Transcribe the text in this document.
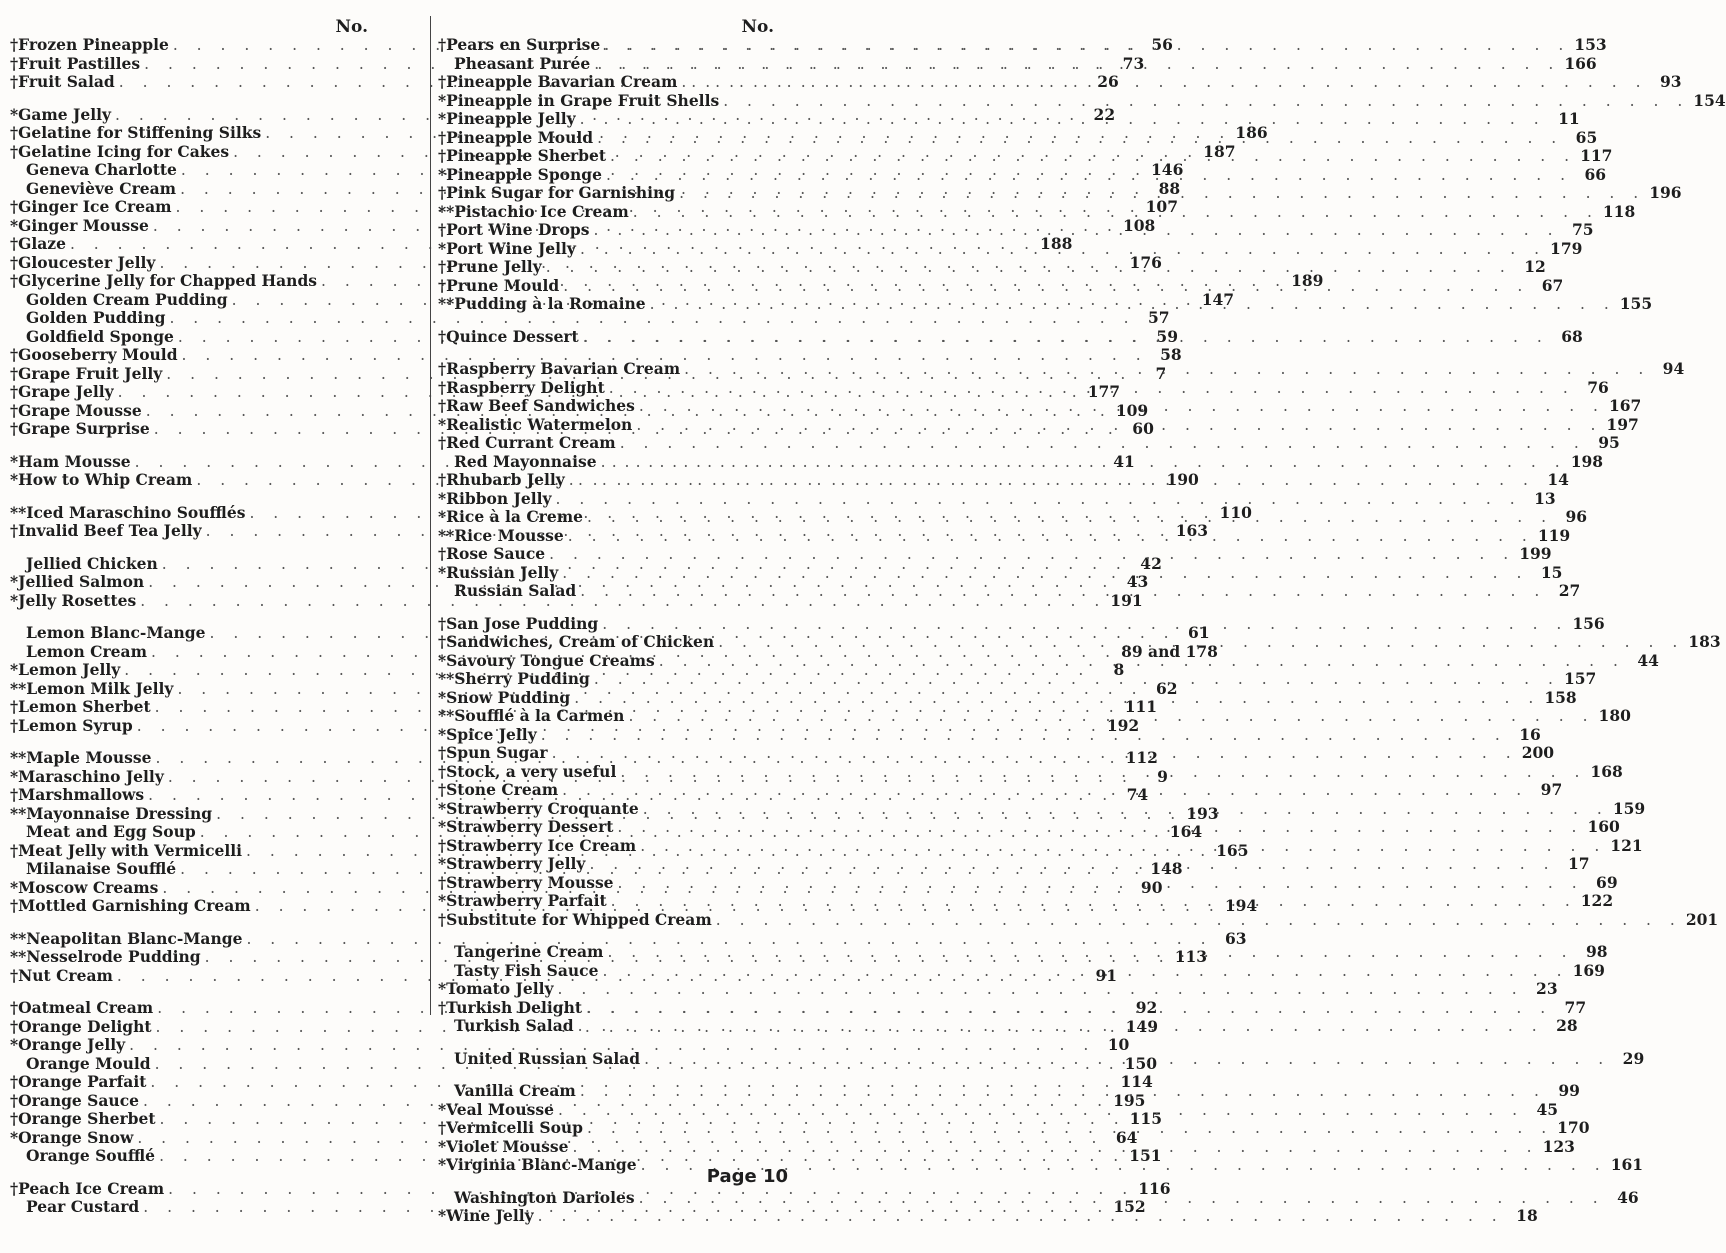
No.
†Frozen Pineapple . . .	56
†Fruit Pastilles . . .	73
†Fruit Salad . . .	26
*Game Jelly . . .	22
†Gelatine for Stiffening Silks . . .	186
†Gelatine Icing for Cakes . . .	187
Geneva Charlotte . . .	146
Geneviève Cream . . .	88
†Ginger Ice Cream . . .	107
*Ginger Mousse . . .	108
†Glaze . . .	188
†Gloucester Jelly . . .	176
†Glycerine Jelly for Chapped Hands . . .	189
Golden Cream Pudding . . .	147
Golden Pudding . . .	57
Goldfield Sponge . . .	59
†Gooseberry Mould . . .	58
†Grape Fruit Jelly . . .	7
†Grape Jelly . . .	177
†Grape Mousse . . .	109
†Grape Surprise . . .	60
*Ham Mousse . . .	41
*How to Whip Cream . . .	190
**Iced Maraschino Soufflés . . .	110
†Invalid Beef Tea Jelly . . .	163
Jellied Chicken . . .	42
*Jellied Salmon . . .	43
*Jelly Rosettes . . .	191
Lemon Blanc-Mange . . .	61
Lemon Cream . . .	89 and 178
*Lemon Jelly . . .	8
**Lemon Milk Jelly . . .	62
†Lemon Sherbet . . .	111
†Lemon Syrup . . .	192
**Maple Mousse . . .	112
*Maraschino Jelly . . .	9
†Marshmallows . . .	74
**Mayonnaise Dressing . . .	193
Meat and Egg Soup . . .	164
†Meat Jelly with Vermicelli . . .	165
Milanaise Soufflé . . .	148
*Moscow Creams . . .	90
†Mottled Garnishing Cream . . .	194
**Neapolitan Blanc-Mange . . .	63
**Nesselrode Pudding . . .	113
†Nut Cream . . .	91
†Oatmeal Cream . . .	92
†Orange Delight . . .	149
*Orange Jelly . . .	10
Orange Mould . . .	150
†Orange Parfait . . .	114
†Orange Sauce . . .	195
†Orange Sherbet . . .	115
*Orange Snow . . .	64
Orange Soufflé . . .	151
†Peach Ice Cream . . .	116
Pear Custard . . .	152
No.
†Pears en Surprise . . .	153
Pheasant Purée . . .	166
†Pineapple Bavarian Cream . . .	93
*Pineapple in Grape Fruit Shells . . .	154
*Pineapple Jelly . . .	11
†Pineapple Mould . . .	65
†Pineapple Sherbet . . .	117
*Pineapple Sponge . . .	66
†Pink Sugar for Garnishing . . .	196
**Pistachio Ice Cream . . .	118
†Port Wine Drops . . .	75
*Port Wine Jelly . . .	179
†Prune Jelly . . .	12
†Prune Mould . . .	67
**Pudding à la Romaine . . .	155
†Quince Dessert . . .	68
†Raspberry Bavarian Cream . . .	94
†Raspberry Delight . . .	76
†Raw Beef Sandwiches . . .	167
*Realistic Watermelon . . .	197
†Red Currant Cream . . .	95
Red Mayonnaise . . .	198
†Rhubarb Jelly . . .	14
*Ribbon Jelly . . .	13
*Rice à la Creme . . .	96
**Rice Mousse . . .	119
†Rose Sauce . . .	199
*Russian Jelly . . .	15
Russian Salad . . .	27
†San Jose Pudding . . .	156
†Sandwiches, Cream of Chicken . . .	183
*Savoury Tongue Creams . . .	44
**Sherry Pudding . . .	157
*Snow Pudding . . .	158
**Soufflé à la Carmen . . .	180
*Spice Jelly . . .	16
†Spun Sugar . . .	200
†Stock, a very useful . . .	168
†Stone Cream . . .	97
*Strawberry Croquante . . .	159
*Strawberry Dessert . . .	160
†Strawberry Ice Cream . . .	121
*Strawberry Jelly . . .	17
†Strawberry Mousse . . .	69
*Strawberry Parfait . . .	122
†Substitute for Whipped Cream . . .	201
Tangerine Cream . . .	98
Tasty Fish Sauce . . .	169
*Tomato Jelly . . .	23
†Turkish Delight . . .	77
Turkish Salad . . .	28
United Russian Salad . . .	29
Vanilla Cream . . .	99
*Veal Mousse . . .	45
†Vermicelli Soup . . .	170
*Violet Mousse . . .	123
*Virginia Blanc-Mange . . .	161
Washington Darioles . . .	46
*Wine Jelly . . .	18
Page 10
